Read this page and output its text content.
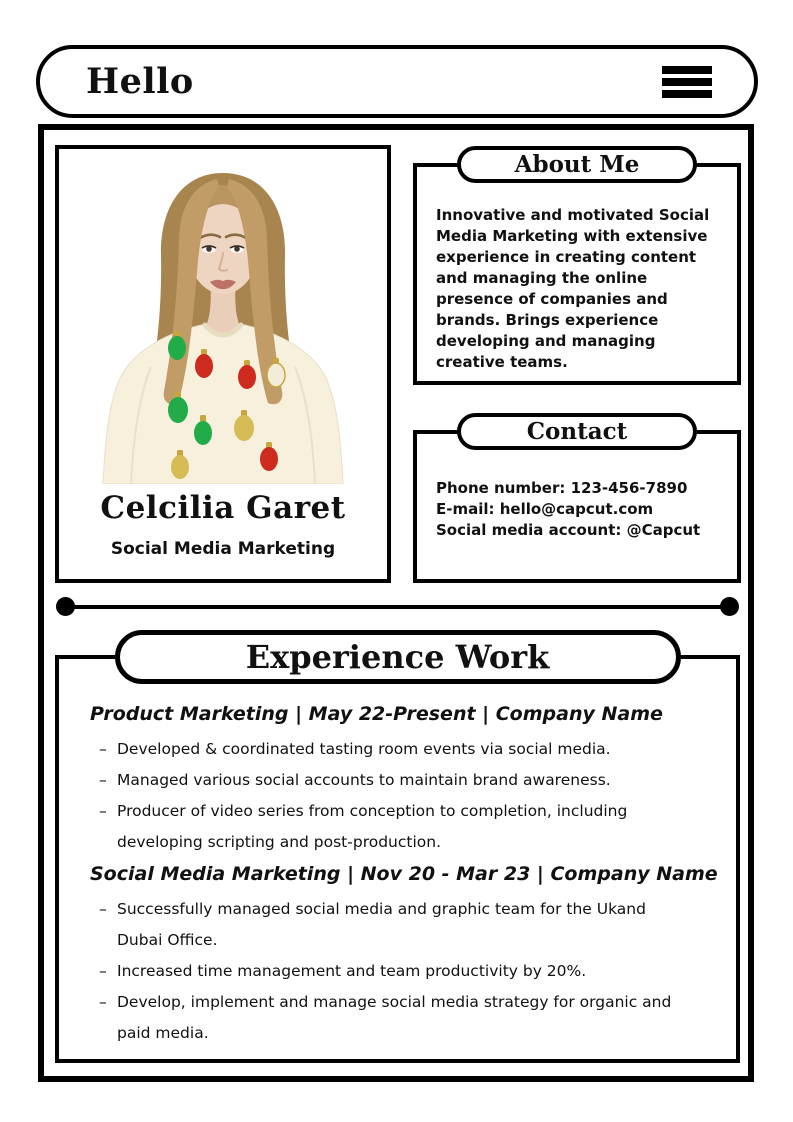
Hello
Celcilia Garet
Social Media Marketing
About Me
Innovative and motivated Social Media Marketing with extensive experience in creating content and managing the online presence of companies and brands. Brings experience developing and managing creative teams.
Contact
Phone number: 123-456-7890
E-mail: hello@capcut.com
Social media account: @Capcut
Experience Work
Product Marketing | May 22-Present | Company Name
– Developed & coordinated tasting room events via social media.
– Managed various social accounts to maintain brand awareness.
– Producer of video series from conception to completion, including developing scripting and post-production.
Social Media Marketing | Nov 20 - Mar 23 | Company Name
– Successfully managed social media and graphic team for the Ukand Dubai Office.
– Increased time management and team productivity by 20%.
– Develop, implement and manage social media strategy for organic and paid media.
